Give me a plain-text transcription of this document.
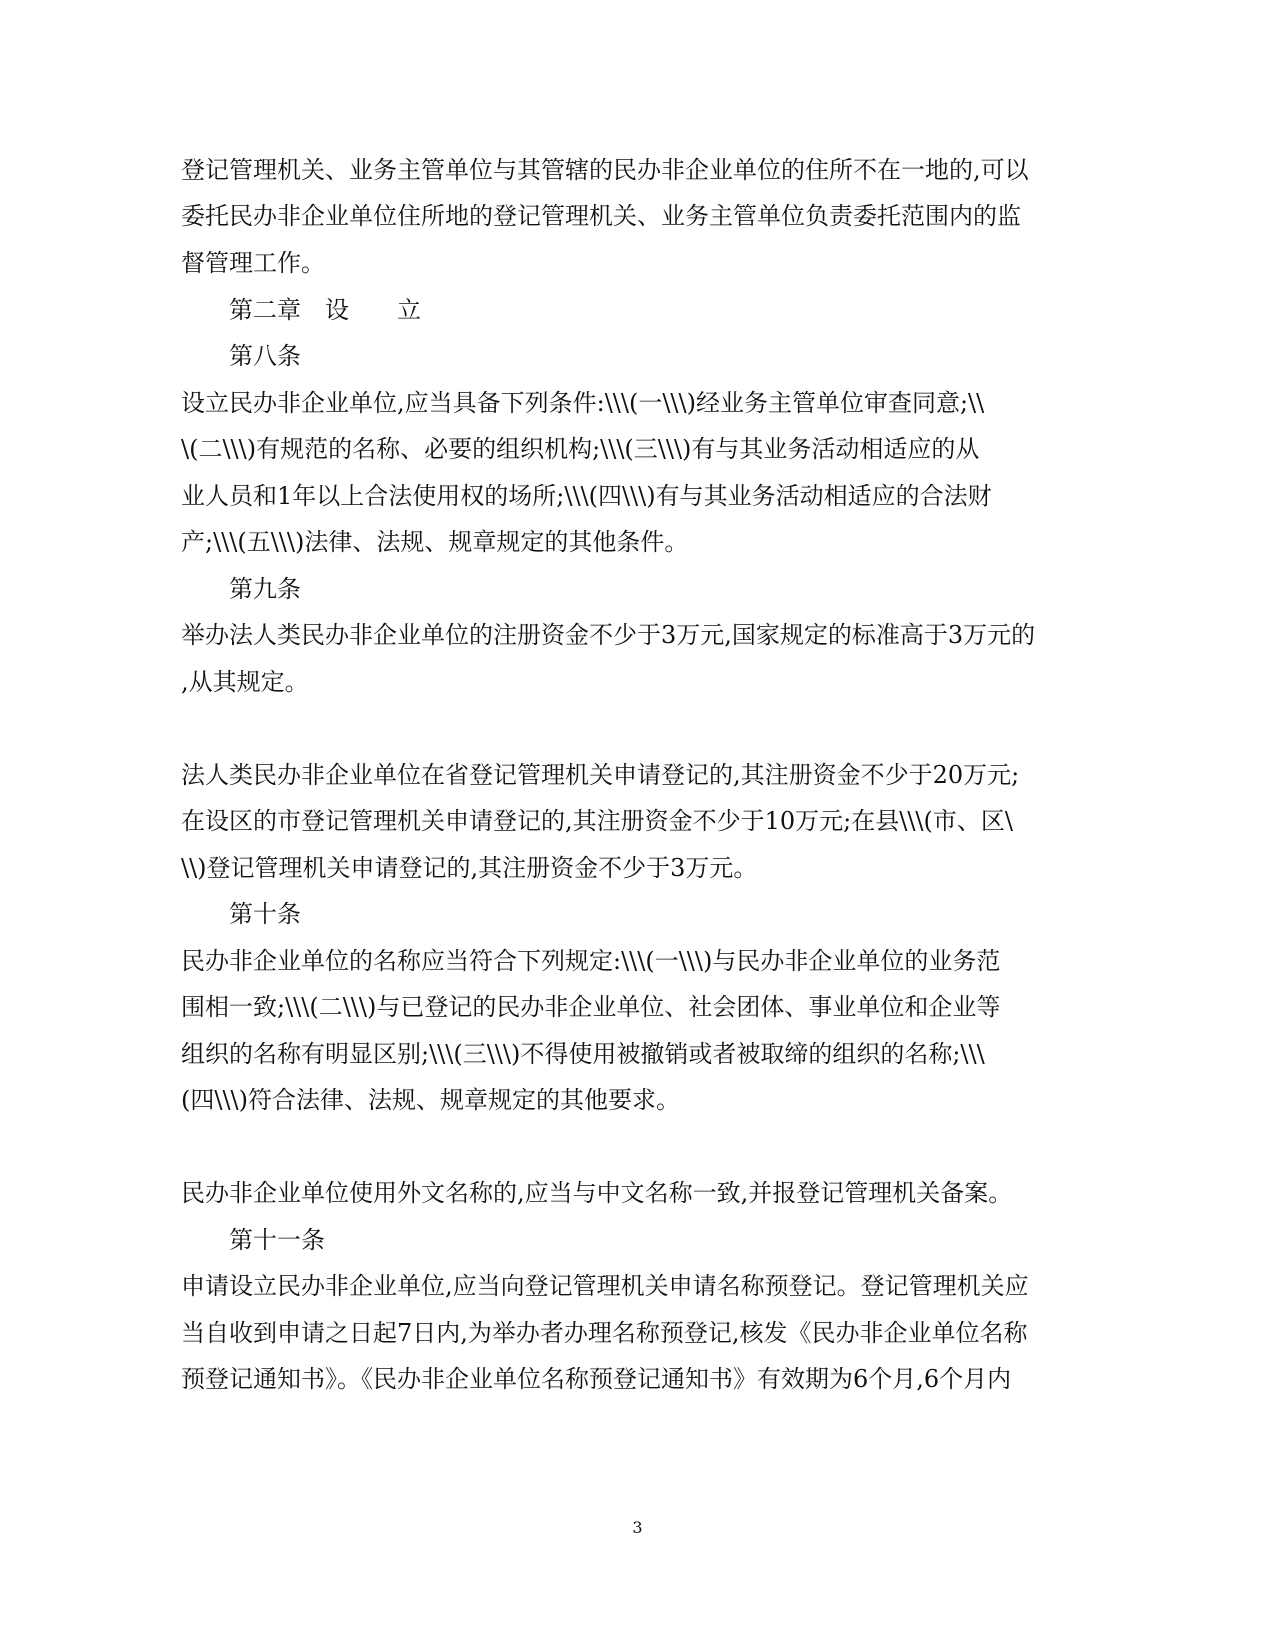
登记管理机关、业务主管单位与其管辖的民办非企业单位的住所不在一地的,可以
委托民办非企业单位住所地的登记管理机关、业务主管单位负责委托范围内的监
督管理工作。
第二章　设　　立
第八条
设立民办非企业单位,应当具备下列条件:\\\(一\\\)经业务主管单位审查同意;\\
\(二\\\)有规范的名称、必要的组织机构;\\\(三\\\)有与其业务活动相适应的从
业人员和1年以上合法使用权的场所;\\\(四\\\)有与其业务活动相适应的合法财
产;\\\(五\\\)法律、法规、规章规定的其他条件。
第九条
举办法人类民办非企业单位的注册资金不少于3万元,国家规定的标准高于3万元的
,从其规定。
法人类民办非企业单位在省登记管理机关申请登记的,其注册资金不少于20万元;
在设区的市登记管理机关申请登记的,其注册资金不少于10万元;在县\\\(市、区\
\\)登记管理机关申请登记的,其注册资金不少于3万元。
第十条
民办非企业单位的名称应当符合下列规定:\\\(一\\\)与民办非企业单位的业务范
围相一致;\\\(二\\\)与已登记的民办非企业单位、社会团体、事业单位和企业等
组织的名称有明显区别;\\\(三\\\)不得使用被撤销或者被取缔的组织的名称;\\\
(四\\\)符合法律、法规、规章规定的其他要求。
民办非企业单位使用外文名称的,应当与中文名称一致,并报登记管理机关备案。
第十一条
申请设立民办非企业单位,应当向登记管理机关申请名称预登记。登记管理机关应
当自收到申请之日起7日内,为举办者办理名称预登记,核发《民办非企业单位名称
预登记通知书》。《民办非企业单位名称预登记通知书》有效期为6个月,6个月内
3
